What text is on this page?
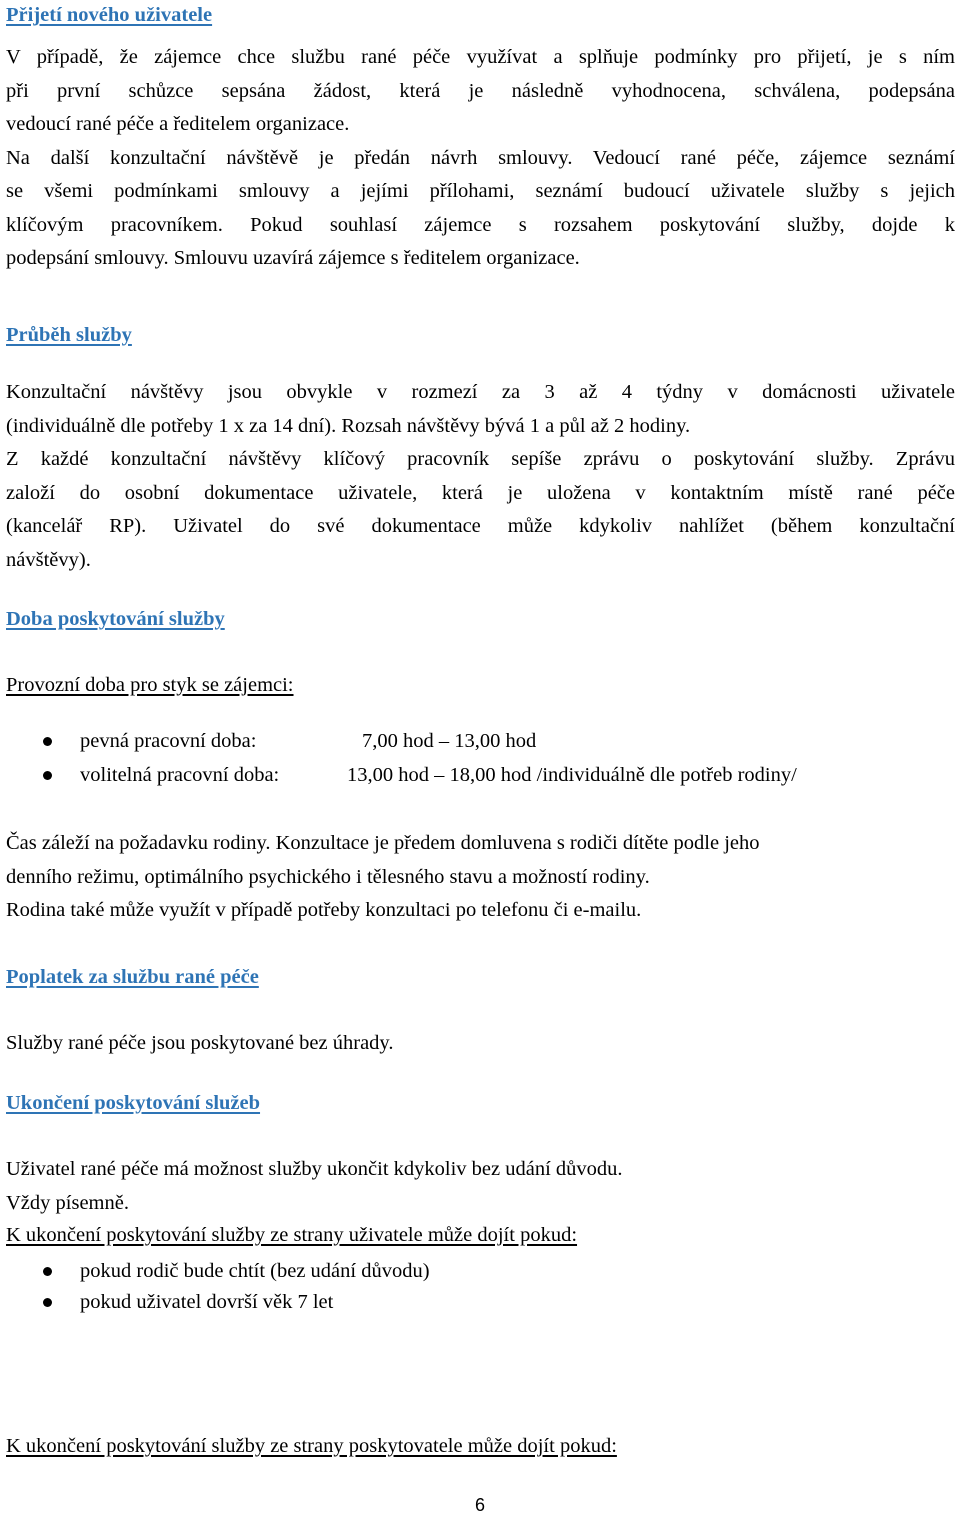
Přijetí nového uživatele
V případě, že zájemce chce službu rané péče využívat a splňuje podmínky pro přijetí, je s ním
při první schůzce sepsána žádost, která je následně vyhodnocena, schválena, podepsána
vedoucí rané péče a ředitelem organizace.
Na další konzultační návštěvě je předán návrh smlouvy. Vedoucí rané péče, zájemce seznámí
se všemi podmínkami smlouvy a jejími přílohami, seznámí budoucí uživatele služby s jejich
klíčovým pracovníkem. Pokud souhlasí zájemce s rozsahem poskytování služby, dojde k
podepsání smlouvy. Smlouvu uzavírá zájemce s ředitelem organizace.
Průběh služby
Konzultační návštěvy jsou obvykle v rozmezí za 3 až 4 týdny v domácnosti uživatele
(individuálně dle potřeby 1 x za 14 dní). Rozsah návštěvy bývá 1 a půl až 2 hodiny.
Z každé konzultační návštěvy klíčový pracovník sepíše zprávu o poskytování služby. Zprávu
založí do osobní dokumentace uživatele, která je uložena v kontaktním místě rané péče
(kancelář RP). Uživatel do své dokumentace může kdykoliv nahlížet (během konzultační
návštěvy).
Doba poskytování služby
Provozní doba pro styk se zájemci:
pevná pracovní doba:	7,00 hod – 13,00 hod
volitelná pracovní doba:	13,00 hod – 18,00 hod /individuálně dle potřeb rodiny/
Čas záleží na požadavku rodiny. Konzultace je předem domluvena s rodiči dítěte podle jeho
denního režimu, optimálního psychického i tělesného stavu a možností rodiny.
Rodina také může využít v případě potřeby konzultaci po telefonu či e-mailu.
Poplatek za službu rané péče
Služby rané péče jsou poskytované bez úhrady.
Ukončení poskytování služeb
Uživatel rané péče má možnost služby ukončit kdykoliv bez udání důvodu.
Vždy písemně.
K ukončení poskytování služby ze strany uživatele může dojít pokud:
pokud rodič bude chtít (bez udání důvodu)
pokud uživatel dovrší věk 7 let
K ukončení poskytování služby ze strany poskytovatele může dojít pokud:
6
